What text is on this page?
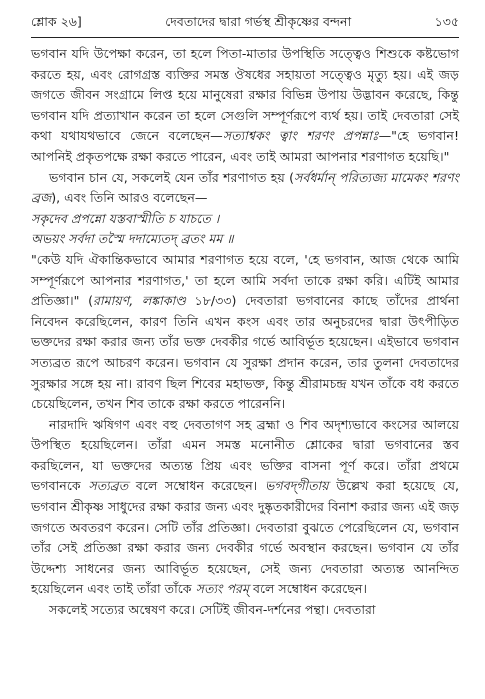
শ্লোক ২৬]	দেবতাদের দ্বারা গর্ভস্থ শ্রীকৃষ্ণের বন্দনা	১৩৫

ভগবান যদি উপেক্ষা করেন, তা হলে পিতা-মাতার উপস্থিতি সত্ত্বেও শিশুকে কষ্টভোগ করতে হয়, এবং রোগগ্রস্ত ব্যক্তির সমস্ত ঔষধের সহায়তা সত্ত্বেও মৃত্যু হয়। এই জড় জগতে জীবন সংগ্রামে লিপ্ত হয়ে মানুষেরা রক্ষার বিভিন্ন উপায় উদ্ভাবন করেছে, কিন্তু ভগবান যদি প্রত্যাখান করেন তা হলে সেগুলি সম্পূর্ণরূপে ব্যর্থ হয়। তাই দেবতারা সেই কথা যথাযথভাবে জেনে বলেছেন—সত্যাশ্বকং ত্বাং শরণং প্রপন্নাঃ—"হে ভগবান! আপনিই প্রকৃতপক্ষে রক্ষা করতে পারেন, এবং তাই আমরা আপনার শরণাগত হয়েছি।"

ভগবান চান যে, সকলেই যেন তাঁর শরণাগত হয় (সর্বধর্মান্ পরিত্যজ্য মামেকং শরণং ব্রজ), এবং তিনি আরও বলেছেন—

সকৃদেব প্রপন্নো যস্তবাস্মীতি চ যাচতে ।

অভয়ং সর্বদা তস্মৈ দদাম্যেতদ্ ব্রতং মম ॥

"কেউ যদি ঐকান্তিকভাবে আমার শরণাগত হয়ে বলে, 'হে ভগবান, আজ থেকে আমি সম্পূর্ণরূপে আপনার শরণাগত,' তা হলে আমি সর্বদা তাকে রক্ষা করি। এটিই আমার প্রতিজ্ঞা।" (রামায়ণ, লঙ্কাকাণ্ড ১৮/৩৩) দেবতারা ভগবানের কাছে তাঁদের প্রার্থনা নিবেদন করেছিলেন, কারণ তিনি এখন কংস এবং তার অনুচরদের দ্বারা উৎপীড়িত ভক্তদের রক্ষা করার জন্য তাঁর ভক্ত দেবকীর গর্ভে আবির্ভূত হয়েছেন। এইভাবে ভগবান সত্যব্রত রূপে আচরণ করেন। ভগবান যে সুরক্ষা প্রদান করেন, তার তুলনা দেবতাদের সুরক্ষার সঙ্গে হয় না। রাবণ ছিল শিবের মহাভক্ত, কিন্তু শ্রীরামচন্দ্র যখন তাঁকে বধ করতে চেয়েছিলেন, তখন শিব তাকে রক্ষা করতে পারেননি।

নারদাদি ঋষিগণ এবং বহু দেবতাগণ সহ ব্রহ্মা ও শিব অদৃশ্যভাবে কংসের আলয়ে উপস্থিত হয়েছিলেন। তাঁরা এমন সমস্ত মনোনীত শ্লোকের দ্বারা ভগবানের স্তব করছিলেন, যা ভক্তদের অত্যন্ত প্রিয় এবং ভক্তির বাসনা পূর্ণ করে। তাঁরা প্রথমে ভগবানকে সত্যব্রত বলে সম্বোধন করেছেন। ভগবদ্‌গীতায় উল্লেখ করা হয়েছে যে, ভগবান শ্রীকৃষ্ণ সাধুদের রক্ষা করার জন্য এবং দুষ্কৃতকারীদের বিনাশ করার জন্য এই জড় জগতে অবতরণ করেন। সেটি তাঁর প্রতিজ্ঞা। দেবতারা বুঝতে পেরেছিলেন যে, ভগবান তাঁর সেই প্রতিজ্ঞা রক্ষা করার জন্য দেবকীর গর্ভে অবস্থান করছেন। ভগবান যে তাঁর উদ্দেশ্য সাধনের জন্য আবির্ভূত হয়েছেন, সেই জন্য দেবতারা অত্যন্ত আনন্দিত হয়েছিলেন এবং তাই তাঁরা তাঁকে সত্যং পরম্ বলে সম্বোধন করেছেন।

সকলেই সত্যের অন্বেষণ করে। সেটিই জীবন-দর্শনের পন্থা। দেবতারা
